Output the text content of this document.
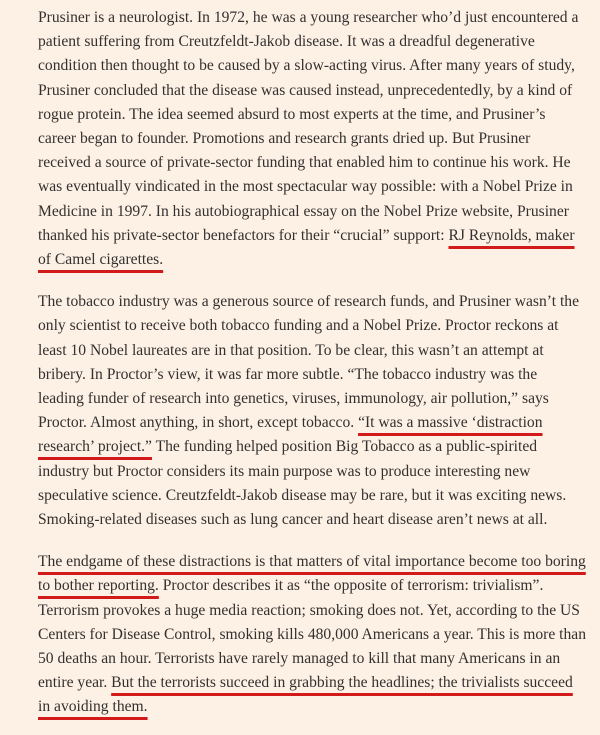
Prusiner is a neurologist. In 1972, he was a young researcher who’d just encountered a patient suffering from Creutzfeldt-Jakob disease. It was a dreadful degenerative condition then thought to be caused by a slow-acting virus. After many years of study, Prusiner concluded that the disease was caused instead, unprecedentedly, by a kind of rogue protein. The idea seemed absurd to most experts at the time, and Prusiner’s career began to founder. Promotions and research grants dried up. But Prusiner received a source of private-sector funding that enabled him to continue his work. He was eventually vindicated in the most spectacular way possible: with a Nobel Prize in Medicine in 1997. In his autobiographical essay on the Nobel Prize website, Prusiner thanked his private-sector benefactors for their “crucial” support: RJ Reynolds, maker of Camel cigarettes.

The tobacco industry was a generous source of research funds, and Prusiner wasn’t the only scientist to receive both tobacco funding and a Nobel Prize. Proctor reckons at least 10 Nobel laureates are in that position. To be clear, this wasn’t an attempt at bribery. In Proctor’s view, it was far more subtle. “The tobacco industry was the leading funder of research into genetics, viruses, immunology, air pollution,” says Proctor. Almost anything, in short, except tobacco. “It was a massive ‘distraction research’ project.” The funding helped position Big Tobacco as a public-spirited industry but Proctor considers its main purpose was to produce interesting new speculative science. Creutzfeldt-Jakob disease may be rare, but it was exciting news. Smoking-related diseases such as lung cancer and heart disease aren’t news at all.

The endgame of these distractions is that matters of vital importance become too boring to bother reporting. Proctor describes it as “the opposite of terrorism: trivialism”. Terrorism provokes a huge media reaction; smoking does not. Yet, according to the US Centers for Disease Control, smoking kills 480,000 Americans a year. This is more than 50 deaths an hour. Terrorists have rarely managed to kill that many Americans in an entire year. But the terrorists succeed in grabbing the headlines; the trivialists succeed in avoiding them.
